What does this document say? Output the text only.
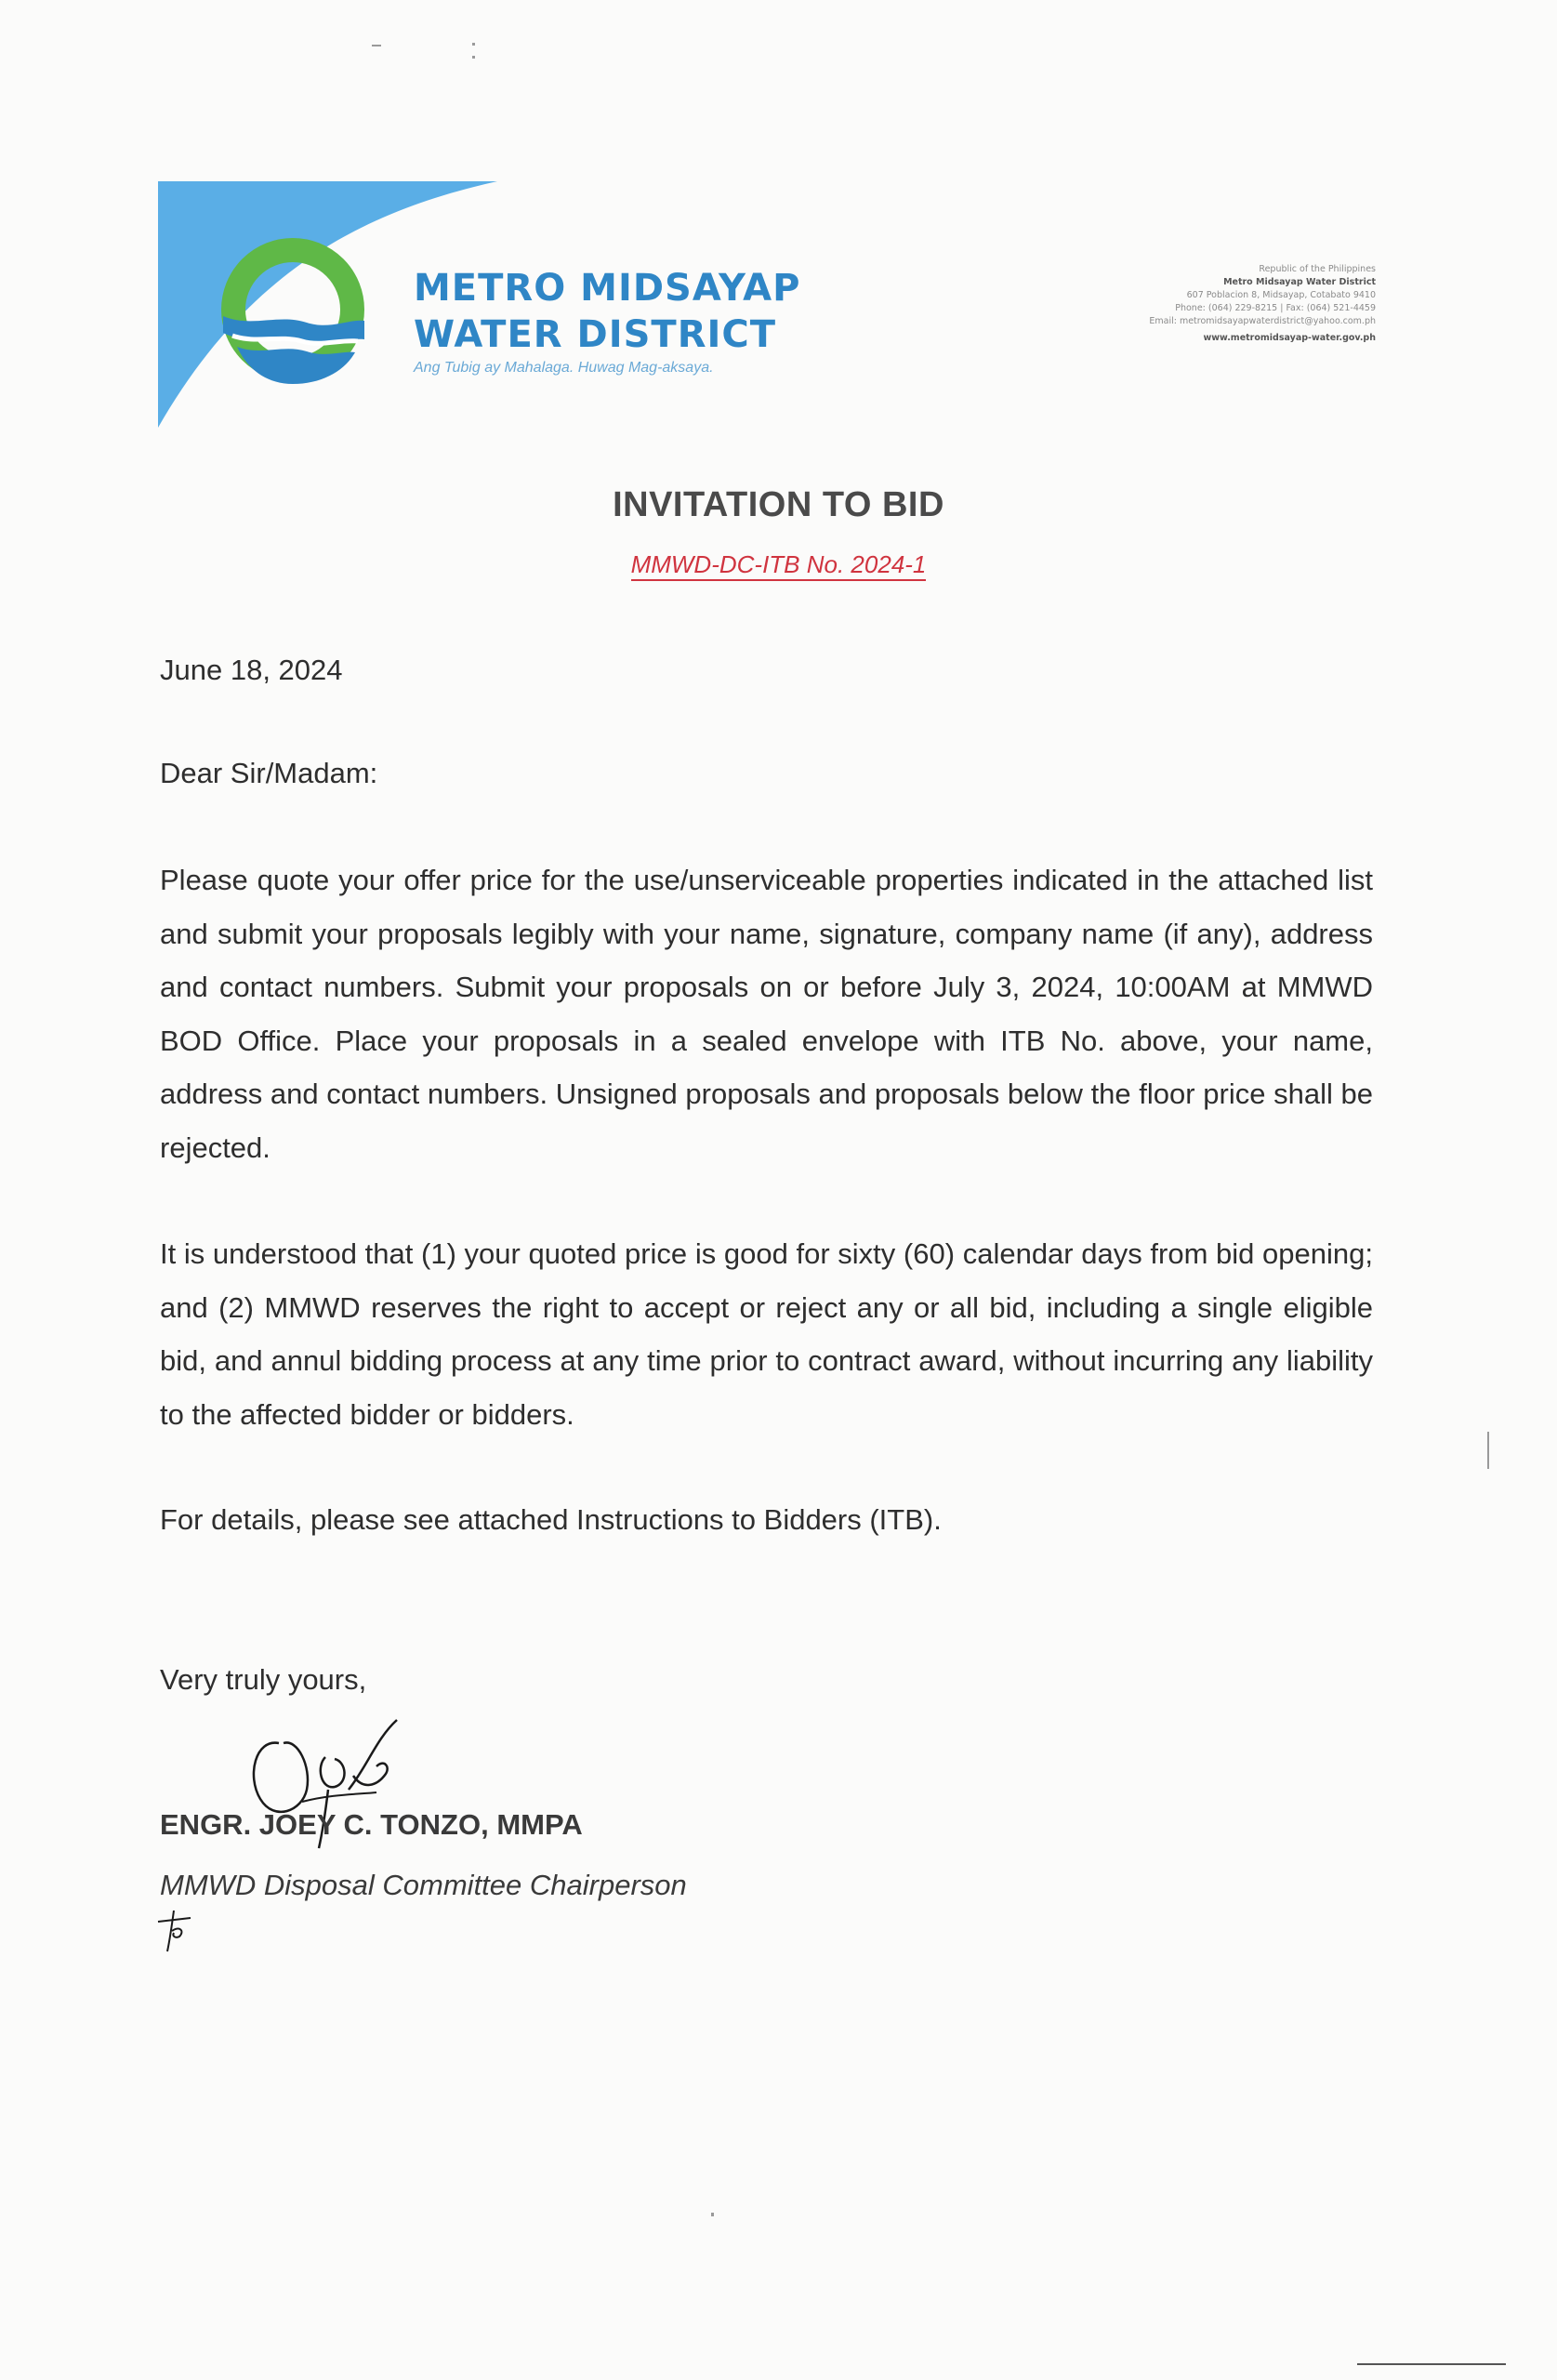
METRO MIDSAYAP
WATER DISTRICT
Ang Tubig ay Mahalaga. Huwag Mag-aksaya.
Republic of the Philippines
Metro Midsayap Water District
607 Poblacion 8, Midsayap, Cotabato 9410
Phone: (064) 229-8215 | Fax: (064) 521-4459
Email: metromidsayapwaterdistrict@yahoo.com.ph
www.metromidsayap-water.gov.ph
INVITATION TO BID
MMWD-DC-ITB No. 2024-1
June 18, 2024
Dear Sir/Madam:
Please quote your offer price for the use/unserviceable properties indicated in the attached list and submit your proposals legibly with your name, signature, company name (if any), address and contact numbers. Submit your proposals on or before July 3, 2024, 10:00AM at MMWD BOD Office. Place your proposals in a sealed envelope with ITB No. above, your name, address and contact numbers. Unsigned proposals and proposals below the floor price shall be rejected.
It is understood that (1) your quoted price is good for sixty (60) calendar days from bid opening; and (2) MMWD reserves the right to accept or reject any or all bid, including a single eligible bid, and annul bidding process at any time prior to contract award, without incurring any liability to the affected bidder or bidders.
For details, please see attached Instructions to Bidders (ITB).
Very truly yours,
ENGR. JOEY C. TONZO, MMPA
MMWD Disposal Committee Chairperson
